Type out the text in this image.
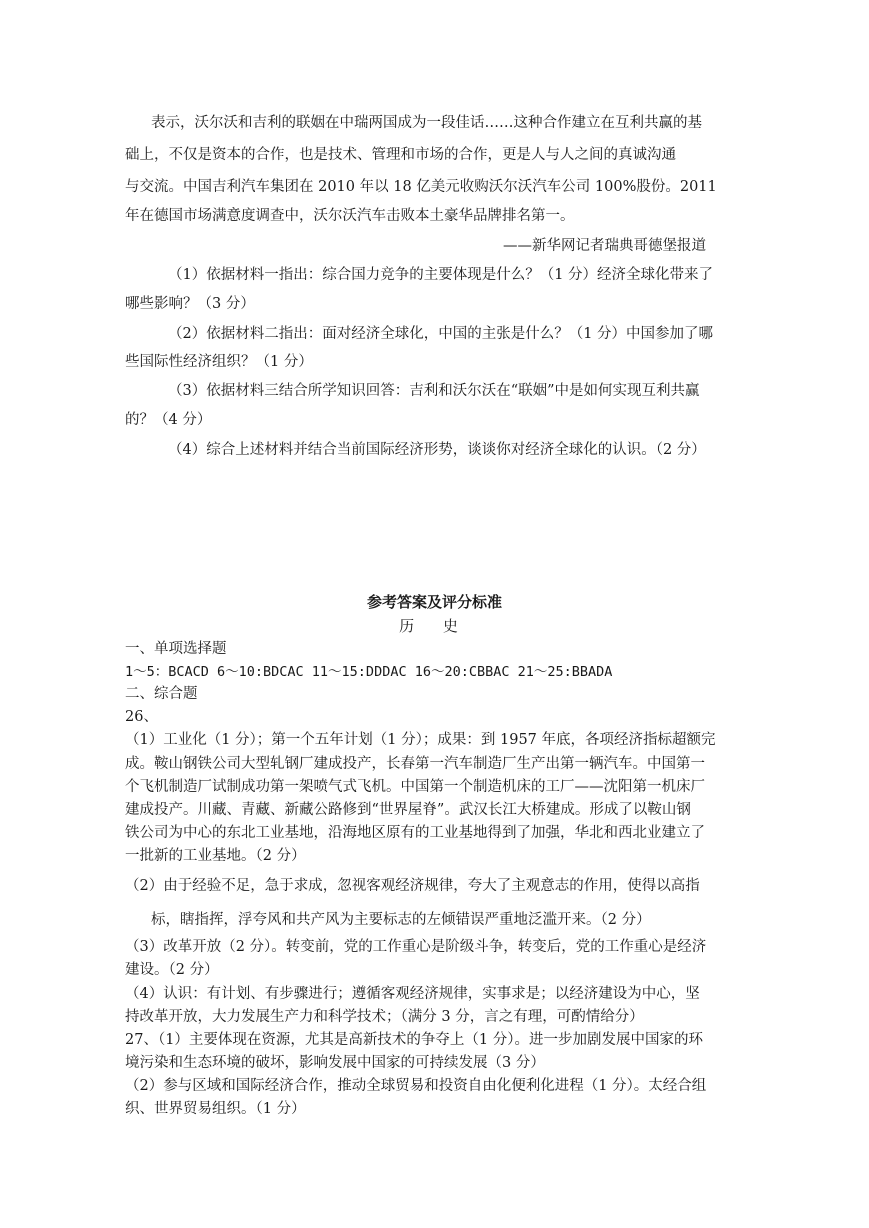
表示，沃尔沃和吉利的联姻在中瑞两国成为一段佳话……这种合作建立在互利共赢的基
础上，不仅是资本的合作，也是技术、管理和市场的合作，更是人与人之间的真诚沟通
与交流。中国吉利汽车集团在 2010 年以 18 亿美元收购沃尔沃汽车公司 100%股份。2011
年在德国市场满意度调查中，沃尔沃汽车击败本土豪华品牌排名第一。
——新华网记者瑞典哥德堡报道
（1）依据材料一指出：综合国力竞争的主要体现是什么？（1 分）经济全球化带来了
哪些影响？（3 分）
（2）依据材料二指出：面对经济全球化，中国的主张是什么？（1 分）中国参加了哪
些国际性经济组织？（1 分）
（3）依据材料三结合所学知识回答：吉利和沃尔沃在“联姻”中是如何实现互利共赢
的？（4 分）
（4）综合上述材料并结合当前国际经济形势，谈谈你对经济全球化的认识。（2 分）
参考答案及评分标准
历 史
一、单项选择题
1～5：BCACD 6～10:BDCAC 11～15:DDDAC 16～20:CBBAC 21～25:BBADA
二、综合题
26、
（1）工业化（1 分）；第一个五年计划（1 分）；成果：到 1957 年底，各项经济指标超额完
成。鞍山钢铁公司大型轧钢厂建成投产，长春第一汽车制造厂生产出第一辆汽车。中国第一
个飞机制造厂试制成功第一架喷气式飞机。中国第一个制造机床的工厂——沈阳第一机床厂
建成投产。川藏、青藏、新藏公路修到“世界屋脊”。武汉长江大桥建成。形成了以鞍山钢
铁公司为中心的东北工业基地，沿海地区原有的工业基地得到了加强，华北和西北业建立了
一批新的工业基地。（2 分）
（2）由于经验不足，急于求成，忽视客观经济规律，夸大了主观意志的作用，使得以高指
标，瞎指挥，浮夸风和共产风为主要标志的左倾错误严重地泛滥开来。（2 分）
（3）改革开放（2 分）。转变前，党的工作重心是阶级斗争，转变后，党的工作重心是经济
建设。（2 分）
（4）认识：有计划、有步骤进行；遵循客观经济规律，实事求是；以经济建设为中心，坚
持改革开放，大力发展生产力和科学技术；（满分 3 分，言之有理，可酌情给分）
27、（1）主要体现在资源，尤其是高新技术的争夺上（1 分）。进一步加剧发展中国家的环
境污染和生态环境的破坏，影响发展中国家的可持续发展（3 分）
（2）参与区域和国际经济合作，推动全球贸易和投资自由化便利化进程（1 分）。太经合组
织、世界贸易组织。（1 分）
